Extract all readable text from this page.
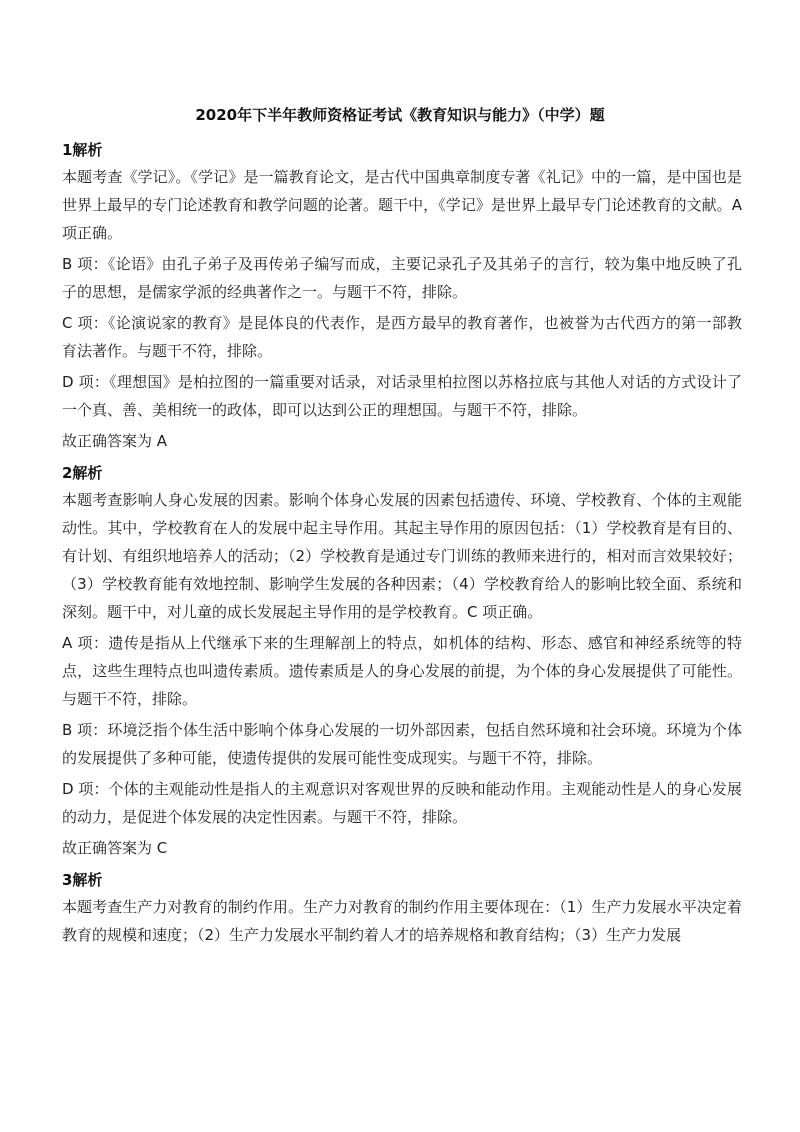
2020年下半年教师资格证考试《教育知识与能力》（中学）题
1解析

本题考查《学记》。《学记》是一篇教育论文，是古代中国典章制度专著《礼记》中的一篇，是中国也是世界上最早的专门论述教育和教学问题的论著。题干中，《学记》是世界上最早专门论述教育的文献。A 项正确。

B 项：《论语》由孔子弟子及再传弟子编写而成，主要记录孔子及其弟子的言行，较为集中地反映了孔子的思想，是儒家学派的经典著作之一。与题干不符，排除。

C 项：《论演说家的教育》是昆体良的代表作，是西方最早的教育著作，也被誉为古代西方的第一部教育法著作。与题干不符，排除。

D 项：《理想国》是柏拉图的一篇重要对话录，对话录里柏拉图以苏格拉底与其他人对话的方式设计了一个真、善、美相统一的政体，即可以达到公正的理想国。与题干不符，排除。

故正确答案为 A
2解析

本题考查影响人身心发展的因素。影响个体身心发展的因素包括遗传、环境、学校教育、个体的主观能动性。其中，学校教育在人的发展中起主导作用。其起主导作用的原因包括：（1）学校教育是有目的、有计划、有组织地培养人的活动；（2）学校教育是通过专门训练的教师来进行的，相对而言效果较好；（3）学校教育能有效地控制、影响学生发展的各种因素；（4）学校教育给人的影响比较全面、系统和深刻。题干中，对儿童的成长发展起主导作用的是学校教育。C 项正确。

A 项：遗传是指从上代继承下来的生理解剖上的特点，如机体的结构、形态、感官和神经系统等的特点，这些生理特点也叫遗传素质。遗传素质是人的身心发展的前提，为个体的身心发展提供了可能性。与题干不符，排除。

B 项：环境泛指个体生活中影响个体身心发展的一切外部因素，包括自然环境和社会环境。环境为个体的发展提供了多种可能，使遗传提供的发展可能性变成现实。与题干不符，排除。

D 项：个体的主观能动性是指人的主观意识对客观世界的反映和能动作用。主观能动性是人的身心发展的动力，是促进个体发展的决定性因素。与题干不符，排除。

故正确答案为 C
3解析

本题考查生产力对教育的制约作用。生产力对教育的制约作用主要体现在：（1）生产力发展水平决定着教育的规模和速度；（2）生产力发展水平制约着人才的培养规格和教育结构；（3）生产力发展
